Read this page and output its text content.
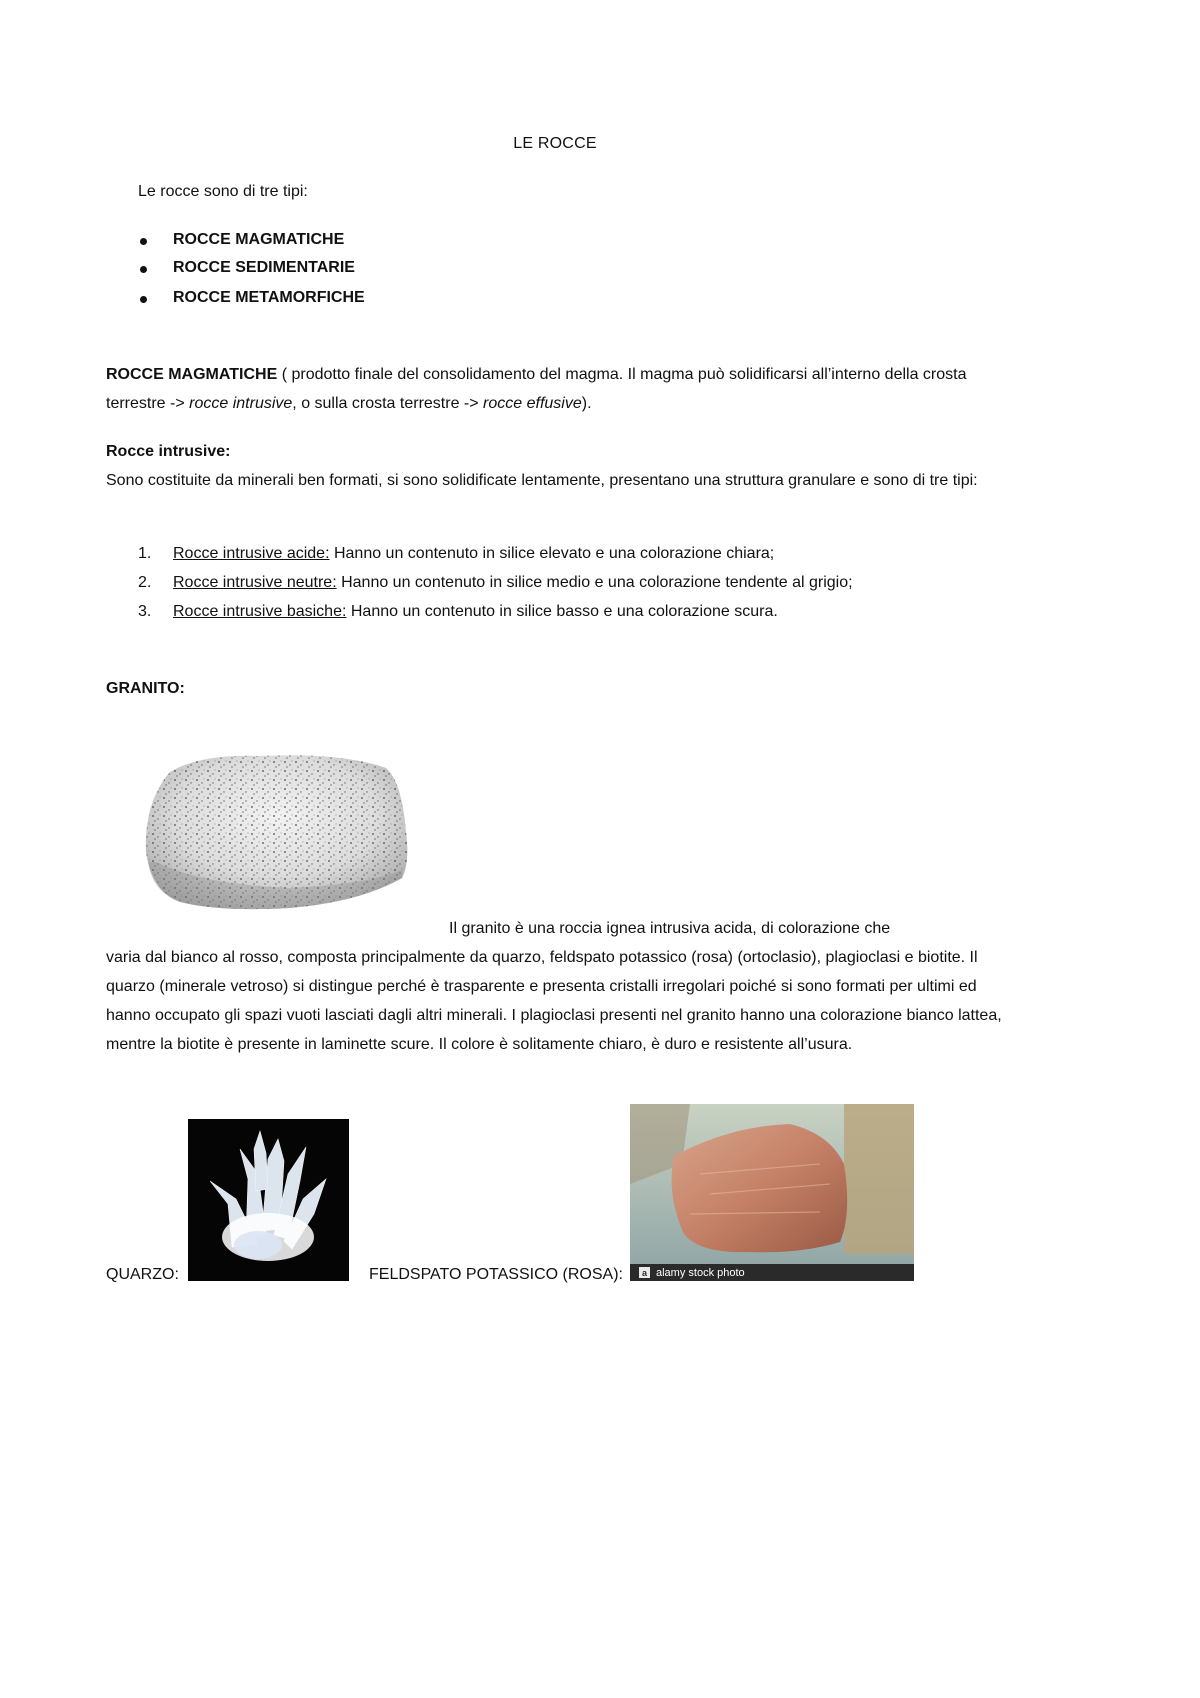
LE ROCCE
Le rocce sono di tre tipi:
ROCCE MAGMATICHE
ROCCE SEDIMENTARIE
ROCCE METAMORFICHE
ROCCE MAGMATICHE ( prodotto finale del consolidamento del magma. Il magma può solidificarsi all’interno della crosta terrestre -> rocce intrusive, o sulla crosta terrestre -> rocce effusive).
Rocce intrusive:
Sono costituite da minerali ben formati, si sono solidificate lentamente, presentano una struttura granulare e sono di tre tipi:
1. Rocce intrusive acide: Hanno un contenuto in silice elevato e una colorazione chiara;
2. Rocce intrusive neutre: Hanno un contenuto in silice medio e una colorazione tendente al grigio;
3. Rocce intrusive basiche: Hanno un contenuto in silice basso e una colorazione scura.
GRANITO:
Il granito è una roccia ignea intrusiva acida, di colorazione che
varia dal bianco al rosso, composta principalmente da quarzo, feldspato potassico (rosa) (ortoclasio), plagioclasi e biotite. Il quarzo (minerale vetroso) si distingue perché è trasparente e presenta cristalli irregolari poiché si sono formati per ultimi ed hanno occupato gli spazi vuoti lasciati dagli altri minerali. I plagioclasi presenti nel granito hanno una colorazione bianco lattea, mentre la biotite è presente in laminette scure. Il colore è solitamente chiaro, è duro e resistente all’usura.
QUARZO:	FELDSPATO POTASSICO (ROSA): a alamy stock photo
